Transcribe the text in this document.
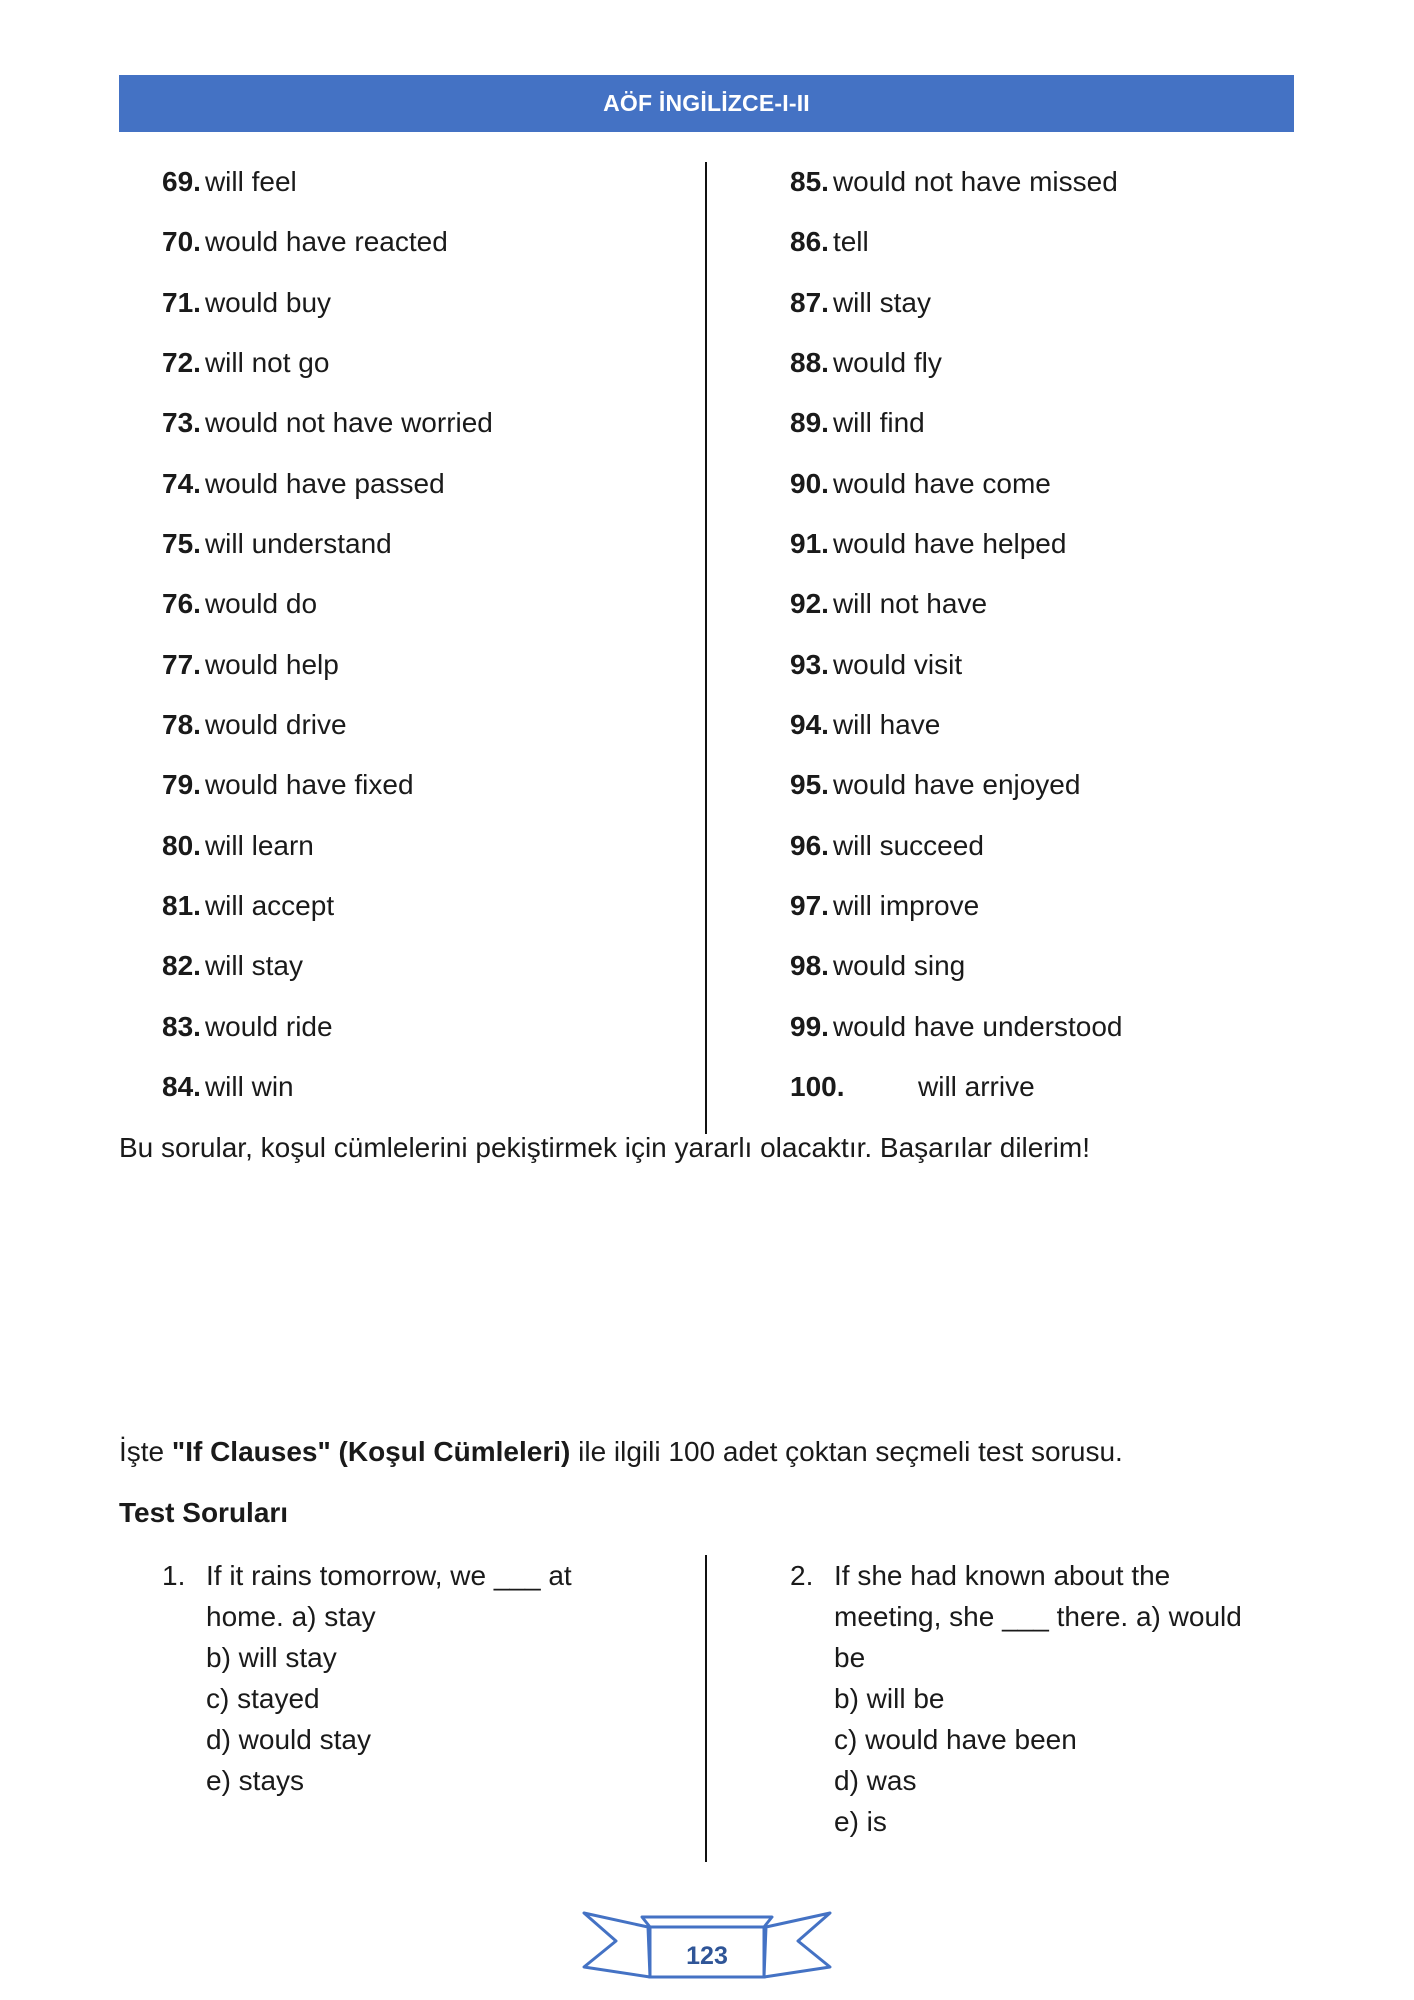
AÖF İNGİLİZCE-I-II
69. will feel
70. would have reacted
71. would buy
72. will not go
73. would not have worried
74. would have passed
75. will understand
76. would do
77. would help
78. would drive
79. would have fixed
80. will learn
81. will accept
82. will stay
83. would ride
84. will win
85. would not have missed
86. tell
87. will stay
88. would fly
89. will find
90. would have come
91. would have helped
92. will not have
93. would visit
94. will have
95. would have enjoyed
96. will succeed
97. will improve
98. would sing
99. would have understood
100.	will arrive
Bu sorular, koşul cümlelerini pekiştirmek için yararlı olacaktır. Başarılar dilerim!
İşte "If Clauses" (Koşul Cümleleri) ile ilgili 100 adet çoktan seçmeli test sorusu.
Test Soruları
1. If it rains tomorrow, we ___ at
home. a) stay
b) will stay
c) stayed
d) would stay
e) stays
2. If she had known about the
meeting, she ___ there. a) would
be
b) will be
c) would have been
d) was
e) is
123
